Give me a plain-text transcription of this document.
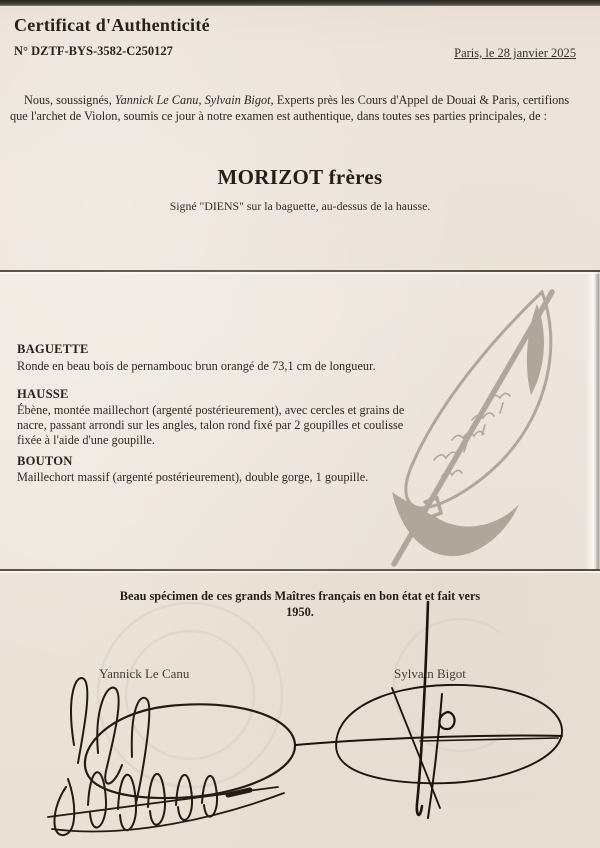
Certificat d'Authenticité
N° DZTF-BYS-3582-C250127	Paris, le 28 janvier 2025
Nous, soussignés, Yannick Le Canu, Sylvain Bigot, Experts près les Cours d'Appel de Douai & Paris, certifions que l'archet de Violon, soumis ce jour à notre examen est authentique, dans toutes ses parties principales, de :
MORIZOT frères
Signé "DIENS" sur la baguette, au-dessus de la hausse.
BAGUETTE
Ronde en beau bois de pernambouc brun orangé de 73,1 cm de longueur.
HAUSSE
Ébène, montée maillechort (argenté postérieurement), avec cercles et grains de nacre, passant arrondi sur les angles, talon rond fixé par 2 goupilles et coulisse fixée à l'aide d'une goupille.
BOUTON
Maillechort massif (argenté postérieurement), double gorge, 1 goupille.
Beau spécimen de ces grands Maîtres français en bon état et fait vers
1950.
Yannick Le Canu	Sylvain Bigot
